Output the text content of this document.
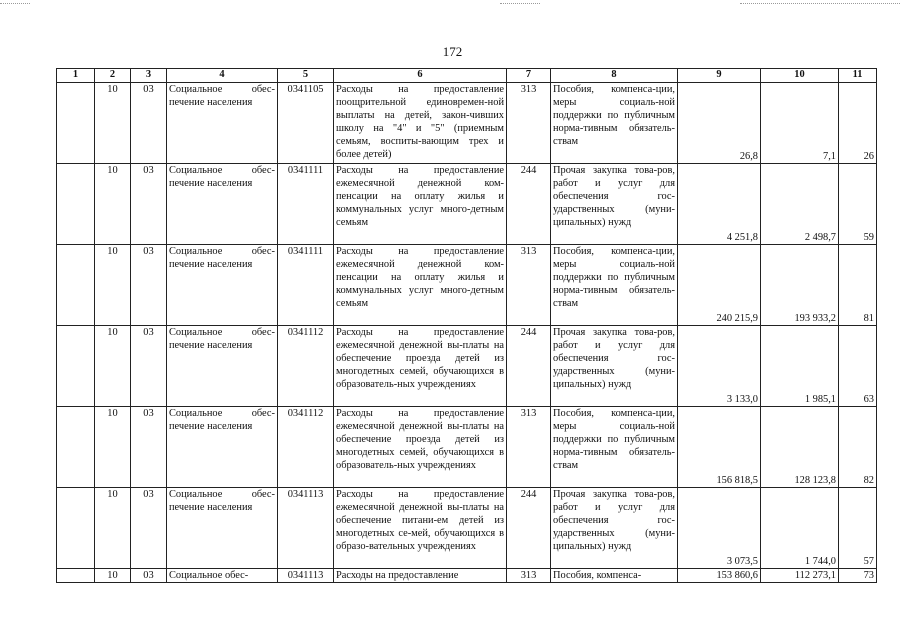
172
1	2	3	4	5	6	7	8	9	10	11
	10	03	Социальное обес-печение населения	0341105	Расходы на предоставление поощрительной единовремен-ной выплаты на детей, закон-чивших школу на "4" и "5" (приемным семьям, воспиты-вающим трех и более детей)	313	Пособия, компенса-ции, меры социаль-ной поддержки по публичным норма-тивным обязатель-ствам	26,8	7,1	26
	10	03	Социальное обес-печение населения	0341111	Расходы на предоставление ежемесячной денежной ком-пенсации на оплату жилья и коммунальных услуг много-детным семьям	244	Прочая закупка това-ров, работ и услуг для обеспечения гос-ударственных (муни-ципальных) нужд	4 251,8	2 498,7	59
	10	03	Социальное обес-печение населения	0341111	Расходы на предоставление ежемесячной денежной ком-пенсации на оплату жилья и коммунальных услуг много-детным семьям	313	Пособия, компенса-ции, меры социаль-ной поддержки по публичным норма-тивным обязатель-ствам	240 215,9	193 933,2	81
	10	03	Социальное обес-печение населения	0341112	Расходы на предоставление ежемесячной денежной вы-платы на обеспечение проезда детей из многодетных семей, обучающихся в образователь-ных учреждениях	244	Прочая закупка това-ров, работ и услуг для обеспечения гос-ударственных (муни-ципальных) нужд	3 133,0	1 985,1	63
	10	03	Социальное обес-печение населения	0341112	Расходы на предоставление ежемесячной денежной вы-платы на обеспечение проезда детей из многодетных семей, обучающихся в образователь-ных учреждениях	313	Пособия, компенса-ции, меры социаль-ной поддержки по публичным норма-тивным обязатель-ствам	156 818,5	128 123,8	82
	10	03	Социальное обес-печение населения	0341113	Расходы на предоставление ежемесячной денежной вы-платы на обеспечение питани-ем детей из многодетных се-мей, обучающихся в образо-вательных учреждениях	244	Прочая закупка това-ров, работ и услуг для обеспечения гос-ударственных (муни-ципальных) нужд	3 073,5	1 744,0	57
	10	03	Социальное обес-	0341113	Расходы на предоставление	313	Пособия, компенса-	153 860,6	112 273,1	73
